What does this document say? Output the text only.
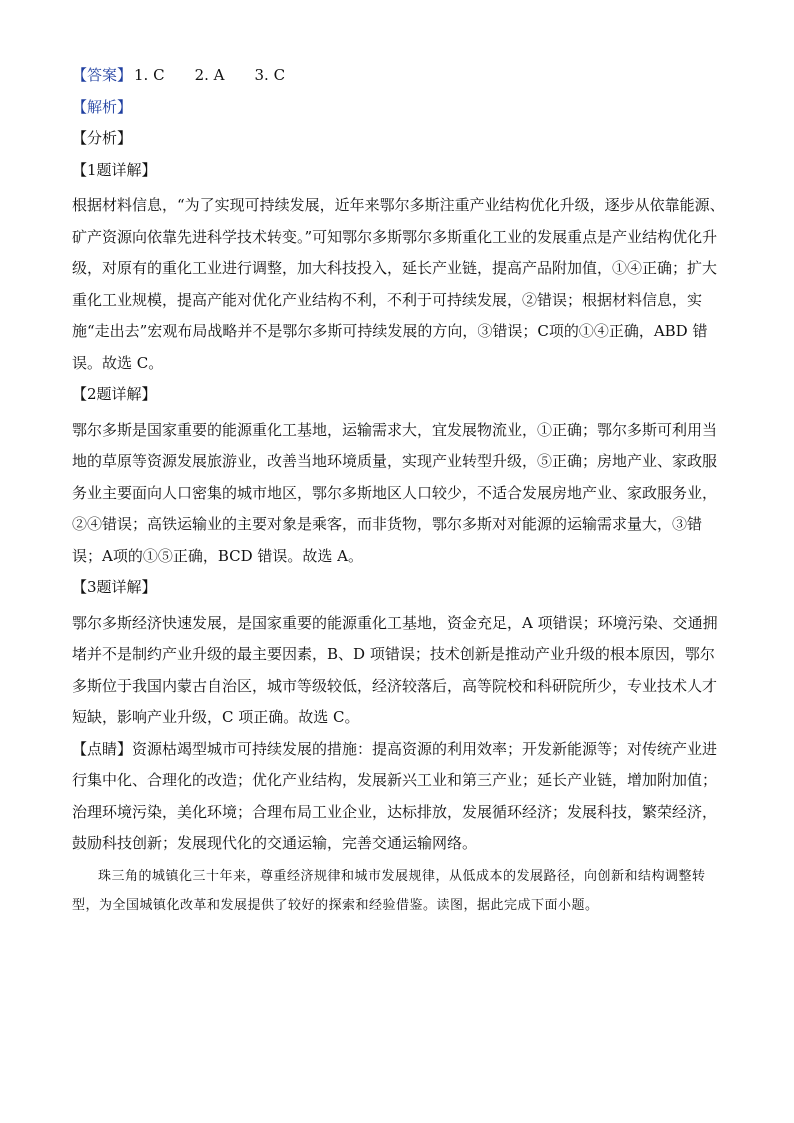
【答案】 1. C 2. A 3. C
【解析】
【分析】
【1题详解】

根据材料信息，“为了实现可持续发展，近年来鄂尔多斯注重产业结构优化升级，逐步从依靠能源、矿产资源向依靠先进科学技术转变。”可知鄂尔多斯鄂尔多斯重化工业的发展重点是产业结构优化升级，对原有的重化工业进行调整，加大科技投入，延长产业链，提高产品附加值，①④正确；扩大重化工业规模，提高产能对优化产业结构不利，不利于可持续发展，②错误；根据材料信息，实施“走出去”宏观布局战略并不是鄂尔多斯可持续发展的方向，③错误；C项的①④正确，ABD 错误。故选 C。

【2题详解】

鄂尔多斯是国家重要的能源重化工基地，运输需求大，宜发展物流业，①正确；鄂尔多斯可利用当地的草原等资源发展旅游业，改善当地环境质量，实现产业转型升级，⑤正确；房地产业、家政服务业主要面向人口密集的城市地区，鄂尔多斯地区人口较少，不适合发展房地产业、家政服务业，②④错误；高铁运输业的主要对象是乘客，而非货物，鄂尔多斯对对能源的运输需求量大，③错误；A项的①⑤正确，BCD 错误。故选 A。

【3题详解】

鄂尔多斯经济快速发展，是国家重要的能源重化工基地，资金充足，A 项错误；环境污染、交通拥堵并不是制约产业升级的最主要因素，B、D 项错误；技术创新是推动产业升级的根本原因，鄂尔多斯位于我国内蒙古自治区，城市等级较低，经济较落后，高等院校和科研院所少，专业技术人才短缺，影响产业升级，C 项正确。故选 C。

【点睛】资源枯竭型城市可持续发展的措施：提高资源的利用效率；开发新能源等；对传统产业进行集中化、合理化的改造；优化产业结构，发展新兴工业和第三产业；延长产业链，增加附加值；治理环境污染，美化环境；合理布局工业企业，达标排放，发展循环经济；发展科技，繁荣经济，鼓励科技创新；发展现代化的交通运输，完善交通运输网络。

珠三角的城镇化三十年来，尊重经济规律和城市发展规律，从低成本的发展路径，向创新和结构调整转型，为全国城镇化改革和发展提供了较好的探索和经验借鉴。读图，据此完成下面小题。
